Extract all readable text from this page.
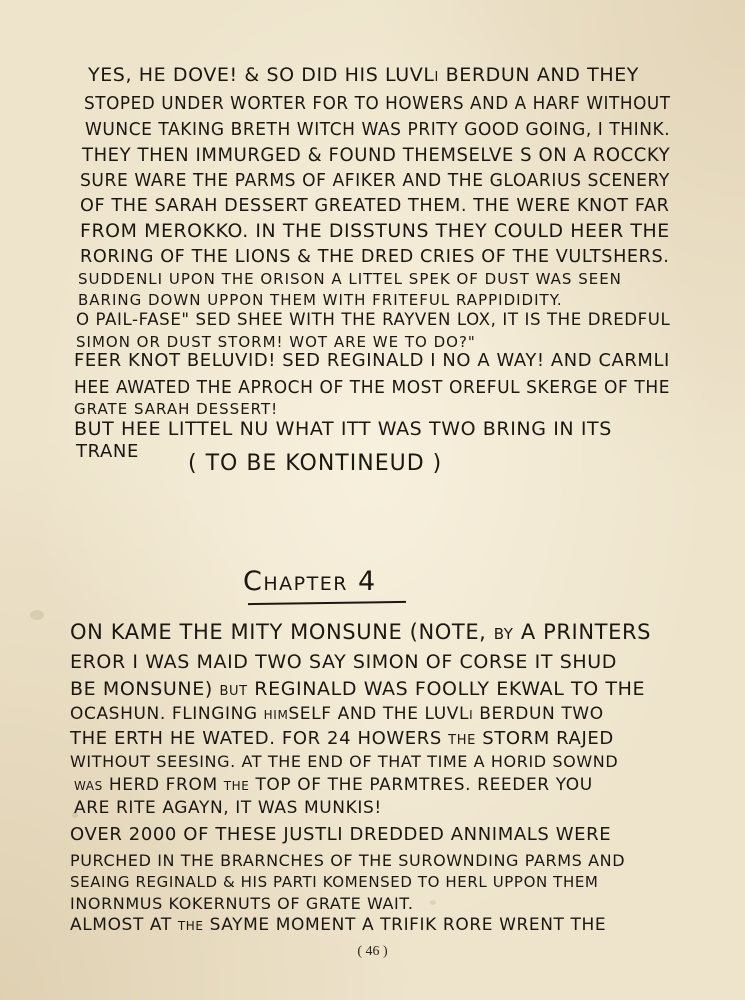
YES, HE DOVE! & SO DID HIS LUVLi BERDUN AND THEY

STOPED UNDER WORTER FOR TO HOWERS AND A HARF WITHOUT

WUNCE TAKING BRETH WITCH WAS PRITY GOOD GOING, I THINK.

THEY THEN IMMURGED & FOUND THEMSELVE S ON A ROCCKY

SURE WARE THE PARMS OF AFIKER AND THE GLOARIUS SCENERY

OF THE SARAH DESSERT GREATED THEM. THE WERE KNOT FAR

FROM MEROKKO. IN THE DISSTUNS THEY COULD HEER THE

RORING OF THE LIONS & THE DRED CRIES OF THE VULTSHERS.

SUDDENLI UPON THE ORISON A LITTEL SPEK OF DUST WAS SEEN

BARING DOWN UPPON THEM WITH FRITEFUL RAPPIDIDITY.

O PAIL-FASE" SED SHEE WITH THE RAYVEN LOX, IT IS THE DREDFUL

SIMON OR DUST STORM! WOT ARE WE TO DO?"

FEER KNOT BELUVID! SED REGINALD I NO A WAY! AND CARMLI

HEE AWATED THE APROCH OF THE MOST OREFUL SKERGE OF THE

GRATE SARAH DESSERT!

BUT HEE LITTEL NU WHAT ITT WAS TWO BRING IN ITS

TRANE ( TO BE KONTINEUD )
Chapter 4

ON KAME THE MITY MONSUNE (NOTE, by A PRINTERS

EROR I WAS MAID TWO SAY SIMON OF CORSE IT SHUD

BE MONSUNE) but REGINALD WAS FOOLLY EKWAL TO THE

OCASHUN. FLINGING himSELF AND THE LUVLi BERDUN TWO

THE ERTH HE WATED. FOR 24 HOWERS the STORM RAJED

WITHOUT SEESING. AT THE END OF THAT TIME A HORID SOWND

was HERD FROM the TOP OF THE PARMTRES. REEDER YOU

ARE RITE AGAYN, IT WAS MUNKIS!

OVER 2000 OF THESE JUSTLI DREDDED ANNIMALS WERE

PURCHED IN THE BRARNCHES OF THE SUROWNDING PARMS AND

SEAING REGINALD & HIS PARTI KOMENSED TO HERL UPPON THEM

INORNMUS KOKERNUTS OF GRATE WAIT.

ALMOST AT the SAYME MOMENT A TRIFIK RORE WRENT THE

( 46 )
